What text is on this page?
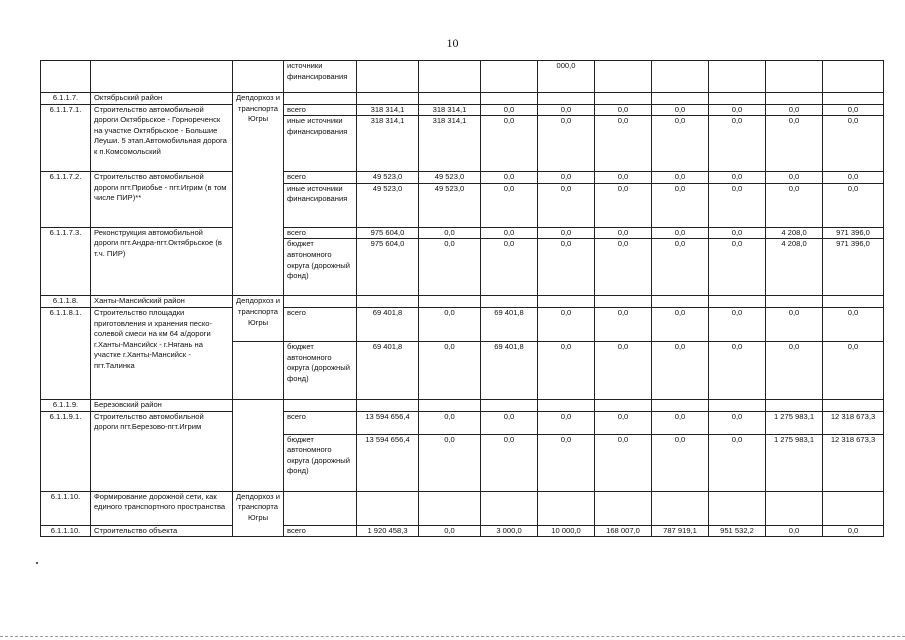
10
			источники финансирования				000,0					
6.1.1.7.	Октябрьский район	Депдорхоз и транспорта Югры										
6.1.1.7.1.	Строительство автомобильной дороги Октябрьское - Горнореченск на участке Октябрьское - Большие Леуши. 5 этап.Автомобильная дорога к п.Комсомольский		всего	318 314,1	318 314,1	0,0	0,0	0,0	0,0	0,0	0,0	0,0
			иные источники финансирования	318 314,1	318 314,1	0,0	0,0	0,0	0,0	0,0	0,0	0,0
6.1.1.7.2.	Строительство автомобильной дороги пгт.Приобье - пгт.Игрим (в том числе ПИР)**		всего	49 523,0	49 523,0	0,0	0,0	0,0	0,0	0,0	0,0	0,0
			иные источники финансирования	49 523,0	49 523,0	0,0	0,0	0,0	0,0	0,0	0,0	0,0
6.1.1.7.3.	Реконструкция автомобильной дороги пгт.Андра-пгт.Октябрьское (в т.ч. ПИР)		всего	975 604,0	0,0	0,0	0,0	0,0	0,0	0,0	4 208,0	971 396,0
			бюджет автономного округа (дорожный фонд)	975 604,0	0,0	0,0	0,0	0,0	0,0	0,0	4 208,0	971 396,0
6.1.1.8.	Ханты-Мансийский район	Депдорхоз и транспорта Югры										
6.1.1.8.1.	Строительство площадки приготовления и хранения песко-солевой смеси на км 64 а/дороги г.Ханты-Мансийск - г.Нягань на участке г.Ханты-Мансийск - пгт.Талинка		всего	69 401,8	0,0	69 401,8	0,0	0,0	0,0	0,0	0,0	0,0
			бюджет автономного округа (дорожный фонд)	69 401,8	0,0	69 401,8	0,0	0,0	0,0	0,0	0,0	0,0
6.1.1.9.	Березовский район											
6.1.1.9.1.	Строительство автомобильной дороги пгт.Березово-пгт.Игрим		всего	13 594 656,4	0,0	0,0	0,0	0,0	0,0	0,0	1 275 983,1	12 318 673,3
			бюджет автономного округа (дорожный фонд)	13 594 656,4	0,0	0,0	0,0	0,0	0,0	0,0	1 275 983,1	12 318 673,3
6.1.1.10.	Формирование дорожной сети, как единого транспортного пространства	Депдорхоз и транспорта Югры										
6.1.1.10.	Строительство объекта		всего	1 920 458,3	0,0	3 000,0	10 000,0	168 007,0	787 919,1	951 532,2	0,0	0,0
